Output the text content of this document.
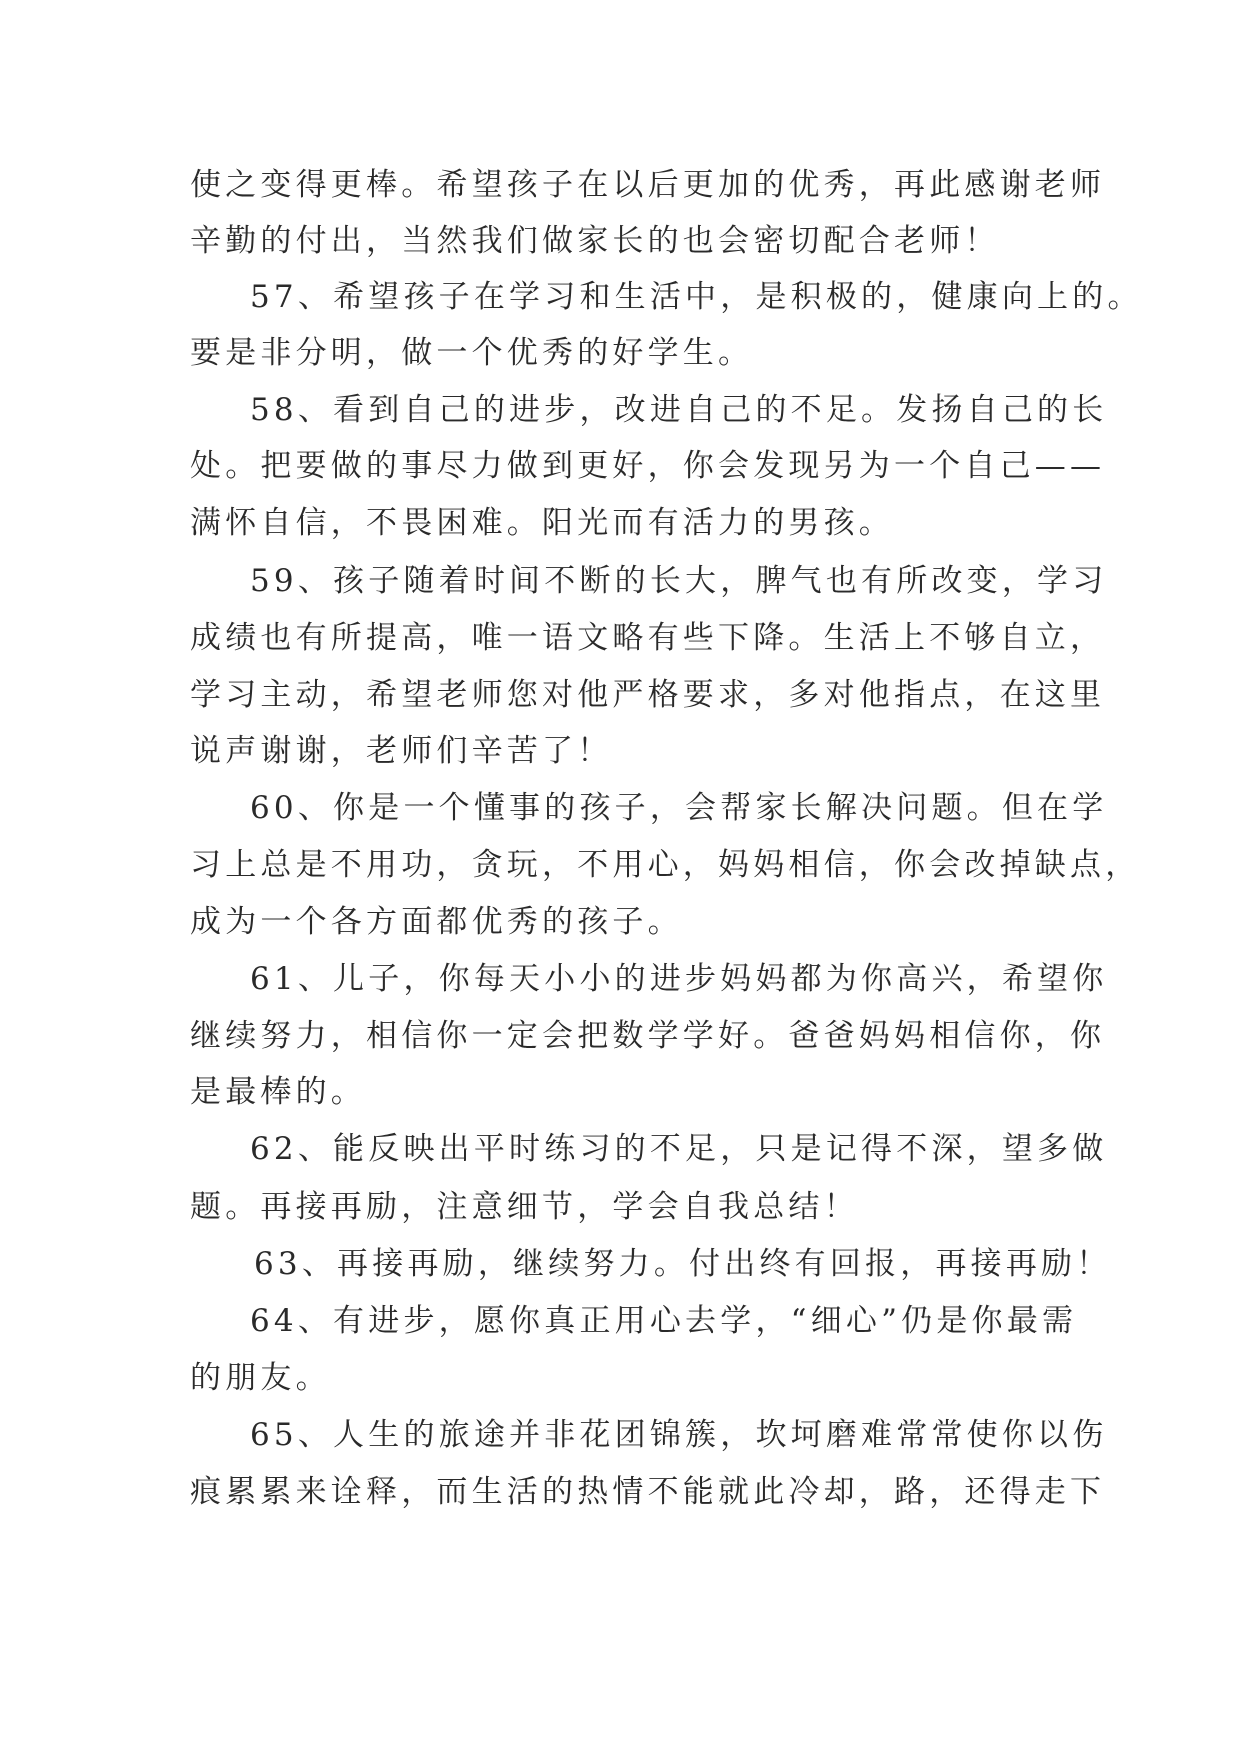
使之变得更棒。希望孩子在以后更加的优秀，再此感谢老师
辛勤的付出，当然我们做家长的也会密切配合老师！
57、希望孩子在学习和生活中，是积极的，健康向上的。
要是非分明，做一个优秀的好学生。
58、看到自己的进步，改进自己的不足。发扬自己的长
处。把要做的事尽力做到更好，你会发现另为一个自己——
满怀自信，不畏困难。阳光而有活力的男孩。
59、孩子随着时间不断的长大，脾气也有所改变，学习
成绩也有所提高，唯一语文略有些下降。生活上不够自立，
学习主动，希望老师您对他严格要求，多对他指点，在这里
说声谢谢，老师们辛苦了！
60、你是一个懂事的孩子，会帮家长解决问题。但在学
习上总是不用功，贪玩，不用心，妈妈相信，你会改掉缺点，
成为一个各方面都优秀的孩子。
61、儿子，你每天小小的进步妈妈都为你高兴，希望你
继续努力，相信你一定会把数学学好。爸爸妈妈相信你，你
是最棒的。
62、能反映出平时练习的不足，只是记得不深，望多做
题。再接再励，注意细节，学会自我总结！
63、再接再励，继续努力。付出终有回报，再接再励！
64、有进步，愿你真正用心去学，“细心”仍是你最需
的朋友。
65、人生的旅途并非花团锦簇，坎坷磨难常常使你以伤
痕累累来诠释，而生活的热情不能就此冷却，路，还得走下
